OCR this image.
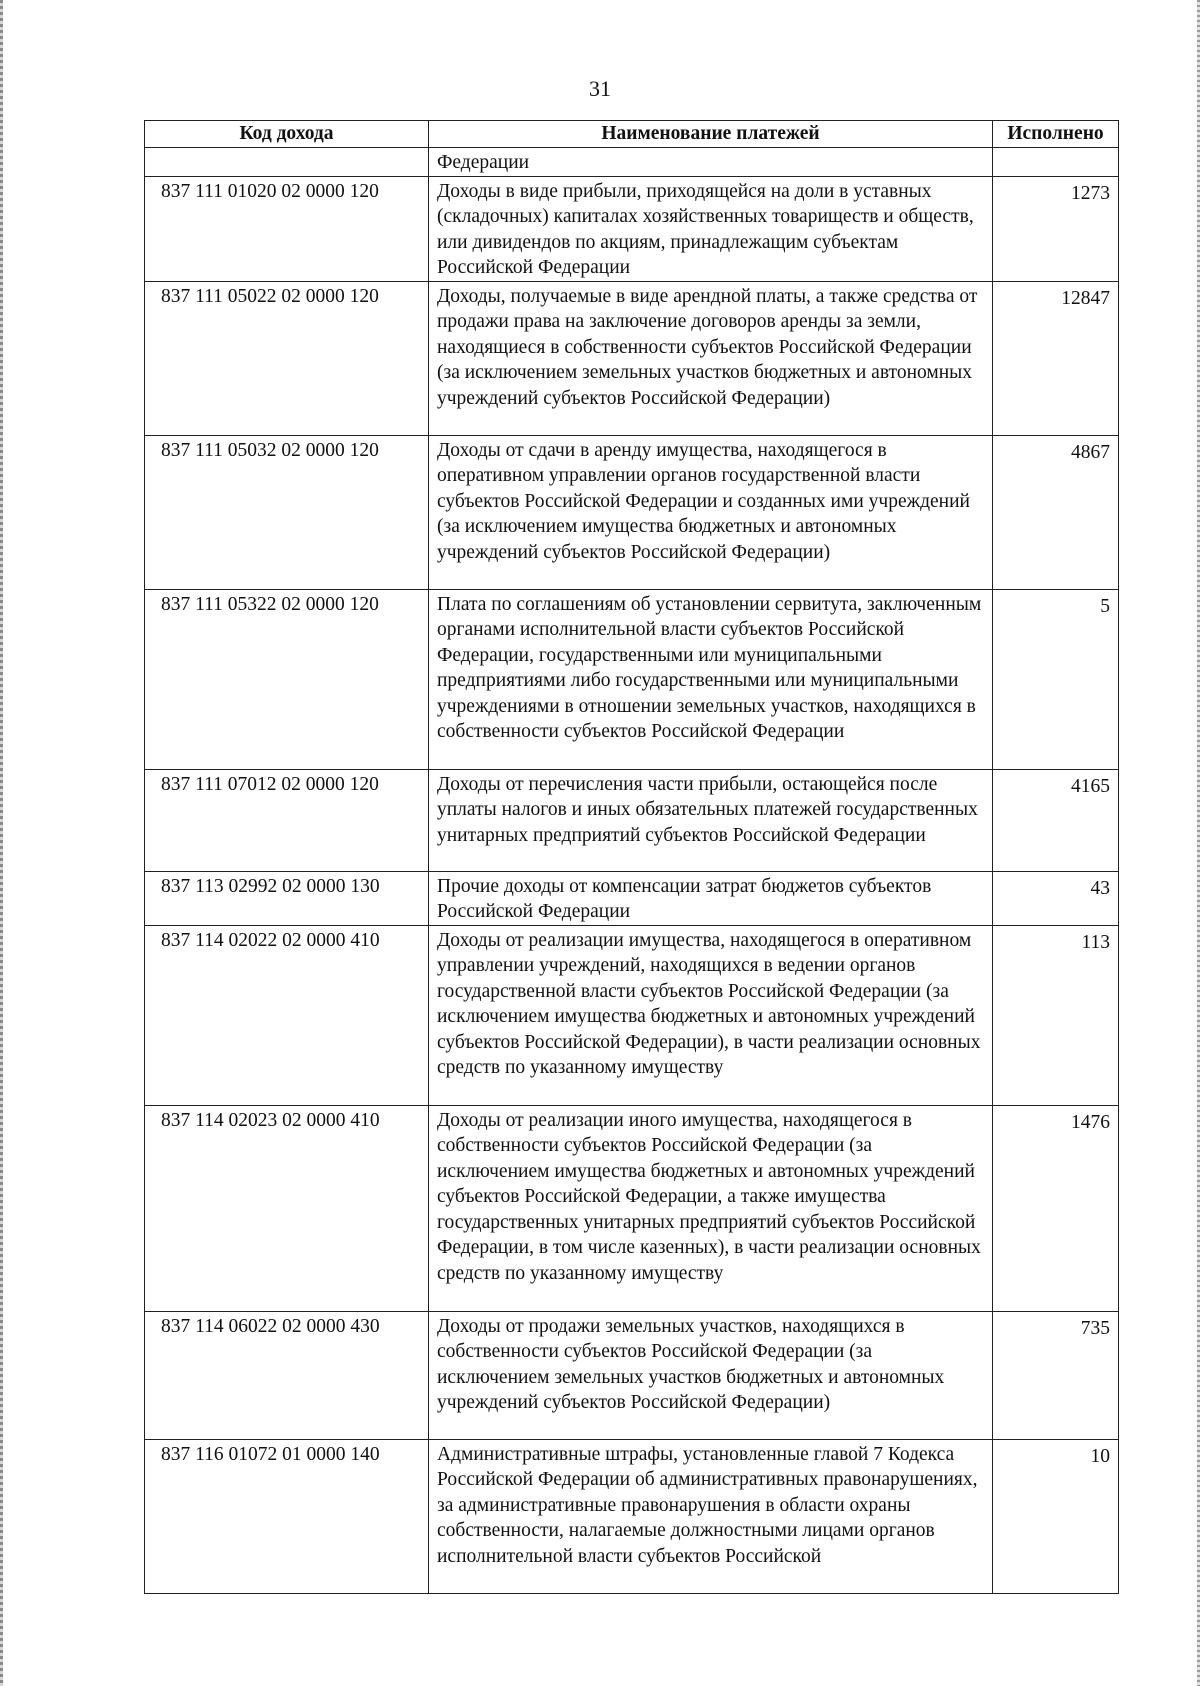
31
Код дохода	Наименование платежей	Исполнено
	Федерации	
837 111 01020 02 0000 120	Доходы в виде прибыли, приходящейся на доли в уставных (складочных) капиталах хозяйственных товариществ и обществ, или дивидендов по акциям, принадлежащим субъектам Российской Федерации	1273
837 111 05022 02 0000 120	Доходы, получаемые в виде арендной платы, а также средства от продажи права на заключение договоров аренды за земли, находящиеся в собственности субъектов Российской Федерации (за исключением земельных участков бюджетных и автономных учреждений субъектов Российской Федерации)	12847
837 111 05032 02 0000 120	Доходы от сдачи в аренду имущества, находящегося в оперативном управлении органов государственной власти субъектов Российской Федерации и созданных ими учреждений (за исключением имущества бюджетных и автономных учреждений субъектов Российской Федерации)	4867
837 111 05322 02 0000 120	Плата по соглашениям об установлении сервитута, заключенным органами исполнительной власти субъектов Российской Федерации, государственными или муниципальными предприятиями либо государственными или муниципальными учреждениями в отношении земельных участков, находящихся в собственности субъектов Российской Федерации	5
837 111 07012 02 0000 120	Доходы от перечисления части прибыли, остающейся после уплаты налогов и иных обязательных платежей государственных унитарных предприятий субъектов Российской Федерации	4165
837 113 02992 02 0000 130	Прочие доходы от компенсации затрат бюджетов субъектов Российской Федерации	43
837 114 02022 02 0000 410	Доходы от реализации имущества, находящегося в оперативном управлении учреждений, находящихся в ведении органов государственной власти субъектов Российской Федерации (за исключением имущества бюджетных и автономных учреждений субъектов Российской Федерации), в части реализации основных средств по указанному имуществу	113
837 114 02023 02 0000 410	Доходы от реализации иного имущества, находящегося в собственности субъектов Российской Федерации (за исключением имущества бюджетных и автономных учреждений субъектов Российской Федерации, а также имущества государственных унитарных предприятий субъектов Российской Федерации, в том числе казенных), в части реализации основных средств по указанному имуществу	1476
837 114 06022 02 0000 430	Доходы от продажи земельных участков, находящихся в собственности субъектов Российской Федерации (за исключением земельных участков бюджетных и автономных учреждений субъектов Российской Федерации)	735
837 116 01072 01 0000 140	Административные штрафы, установленные главой 7 Кодекса Российской Федерации об административных правонарушениях, за административные правонарушения в области охраны собственности, налагаемые должностными лицами органов исполнительной власти субъектов Российской	10
